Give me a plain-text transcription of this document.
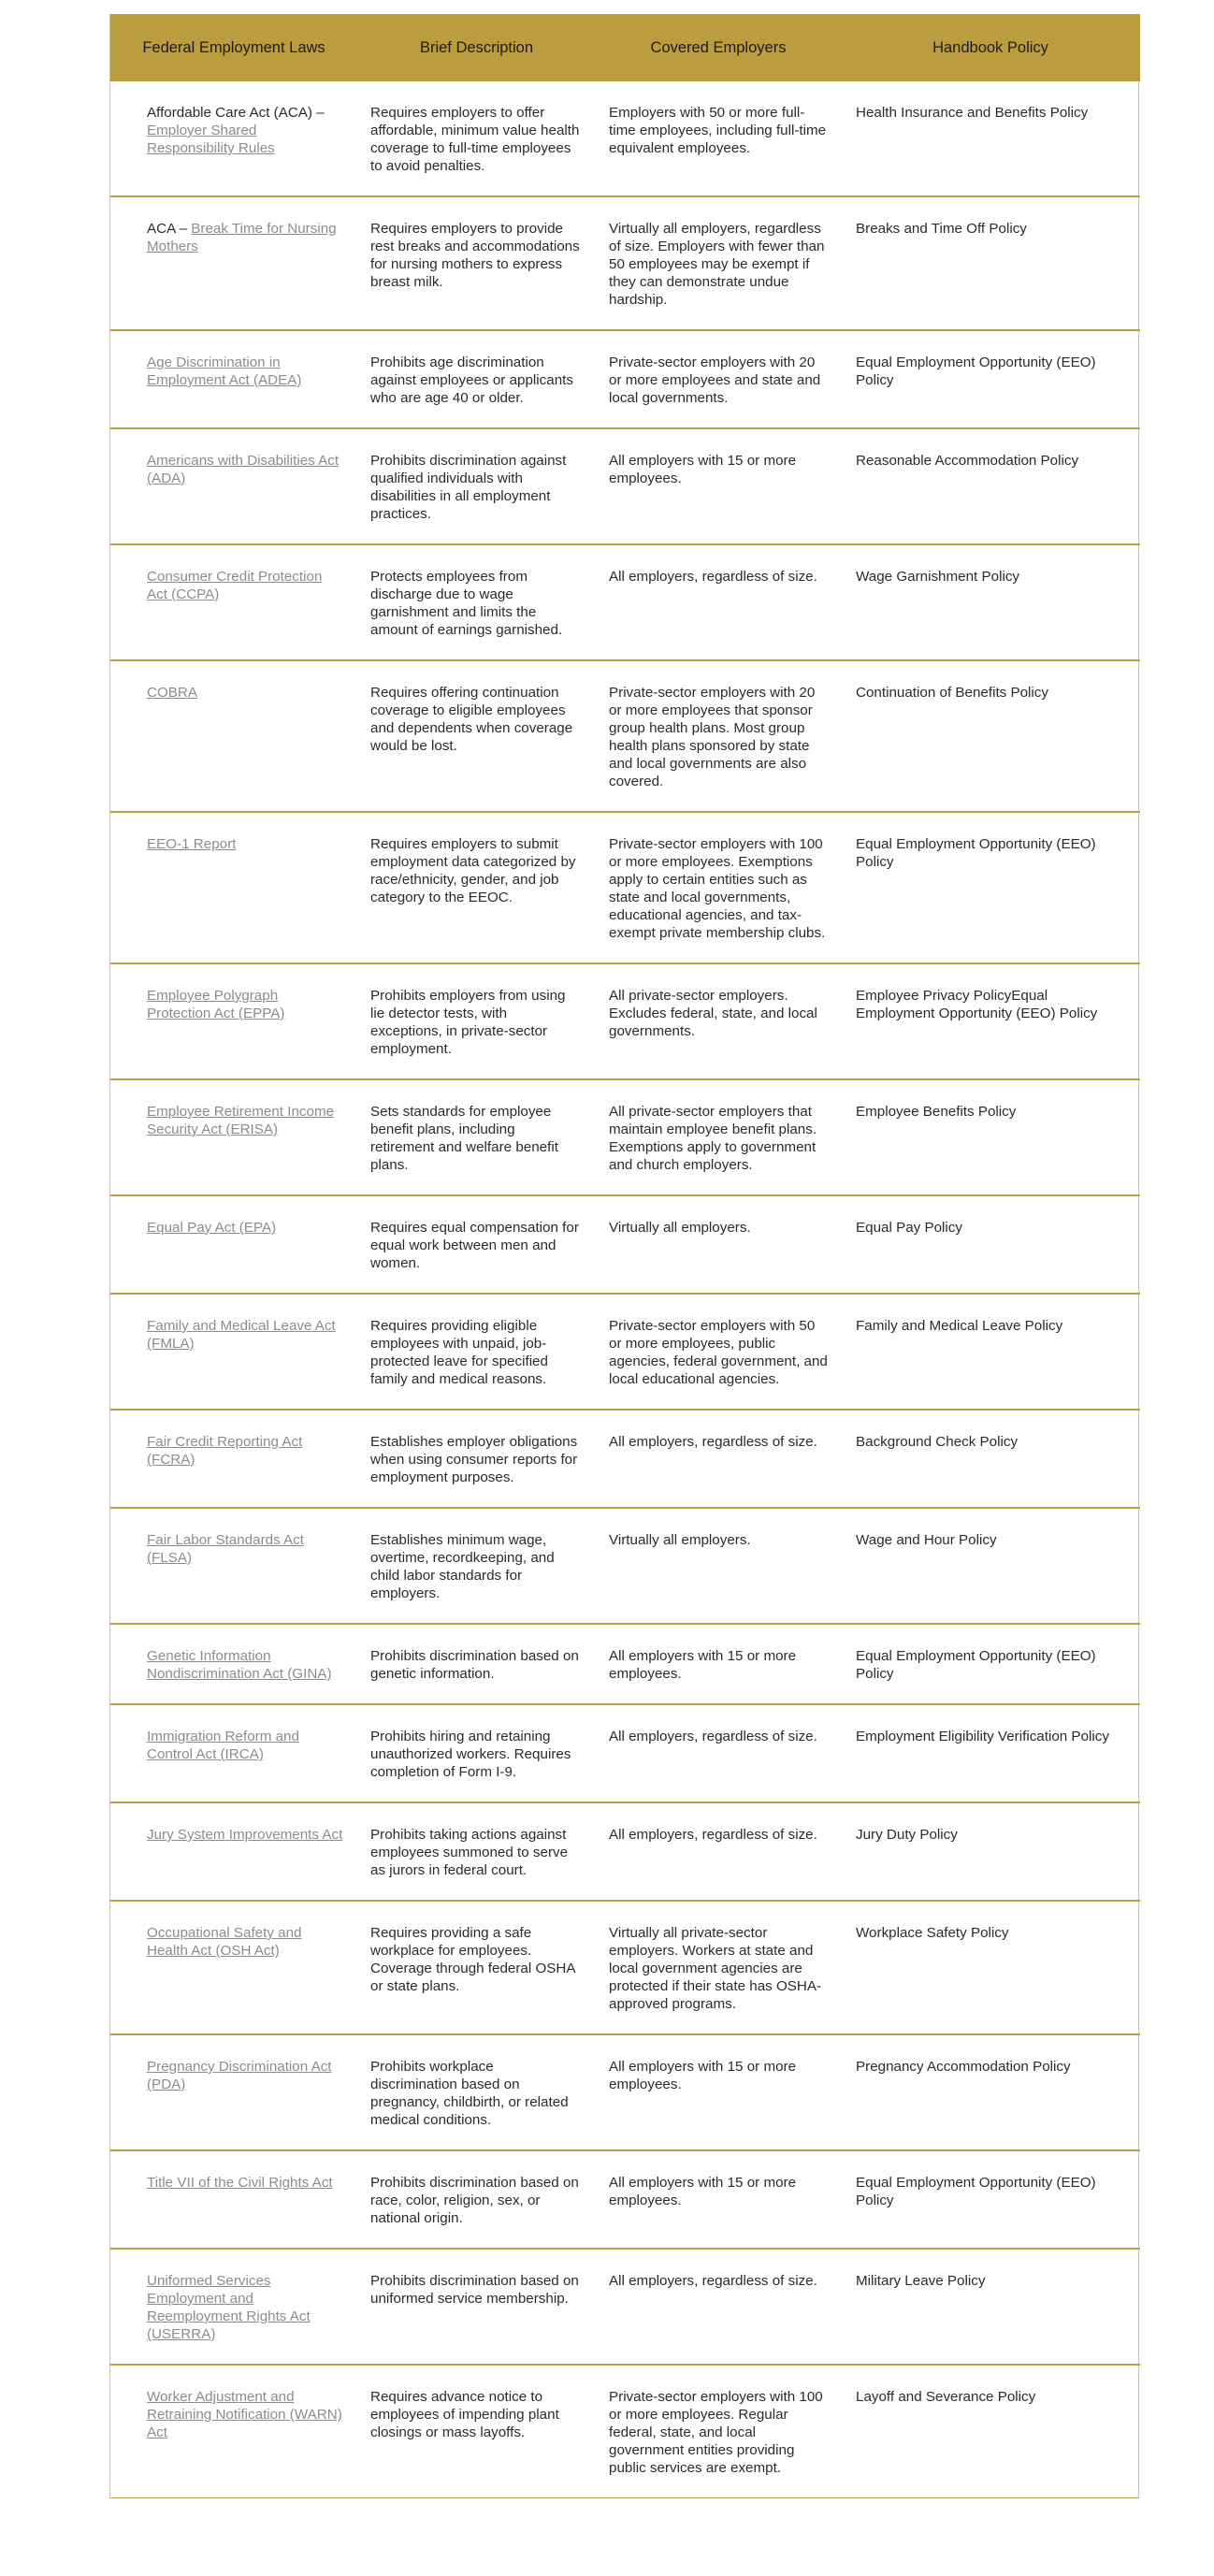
Federal Employment Laws	Brief Description	Covered Employers	Handbook Policy
Affordable Care Act (ACA) – Employer Shared Responsibility Rules	Requires employers to offer affordable, minimum value health coverage to full-time employees to avoid penalties.	Employers with 50 or more full-time employees, including full-time equivalent employees.	Health Insurance and Benefits Policy
ACA – Break Time for Nursing Mothers	Requires employers to provide rest breaks and accommodations for nursing mothers to express breast milk.	Virtually all employers, regardless of size. Employers with fewer than 50 employees may be exempt if they can demonstrate undue hardship.	Breaks and Time Off Policy
Age Discrimination in Employment Act (ADEA)	Prohibits age discrimination against employees or applicants who are age 40 or older.	Private-sector employers with 20 or more employees and state and local governments.	Equal Employment Opportunity (EEO) Policy
Americans with Disabilities Act (ADA)	Prohibits discrimination against qualified individuals with disabilities in all employment practices.	All employers with 15 or more employees.	Reasonable Accommodation Policy
Consumer Credit Protection Act (CCPA)	Protects employees from discharge due to wage garnishment and limits the amount of earnings garnished.	All employers, regardless of size.	Wage Garnishment Policy
COBRA	Requires offering continuation coverage to eligible employees and dependents when coverage would be lost.	Private-sector employers with 20 or more employees that sponsor group health plans. Most group health plans sponsored by state and local governments are also covered.	Continuation of Benefits Policy
EEO-1 Report	Requires employers to submit employment data categorized by race/ethnicity, gender, and job category to the EEOC.	Private-sector employers with 100 or more employees. Exemptions apply to certain entities such as state and local governments, educational agencies, and tax-exempt private membership clubs.	Equal Employment Opportunity (EEO) Policy
Employee Polygraph Protection Act (EPPA)	Prohibits employers from using lie detector tests, with exceptions, in private-sector employment.	All private-sector employers. Excludes federal, state, and local governments.	Employee Privacy PolicyEqual Employment Opportunity (EEO) Policy
Employee Retirement Income Security Act (ERISA)	Sets standards for employee benefit plans, including retirement and welfare benefit plans.	All private-sector employers that maintain employee benefit plans. Exemptions apply to government and church employers.	Employee Benefits Policy
Equal Pay Act (EPA)	Requires equal compensation for equal work between men and women.	Virtually all employers.	Equal Pay Policy
Family and Medical Leave Act (FMLA)	Requires providing eligible employees with unpaid, job-protected leave for specified family and medical reasons.	Private-sector employers with 50 or more employees, public agencies, federal government, and local educational agencies.	Family and Medical Leave Policy
Fair Credit Reporting Act (FCRA)	Establishes employer obligations when using consumer reports for employment purposes.	All employers, regardless of size.	Background Check Policy
Fair Labor Standards Act (FLSA)	Establishes minimum wage, overtime, recordkeeping, and child labor standards for employers.	Virtually all employers.	Wage and Hour Policy
Genetic Information Nondiscrimination Act (GINA)	Prohibits discrimination based on genetic information.	All employers with 15 or more employees.	Equal Employment Opportunity (EEO) Policy
Immigration Reform and Control Act (IRCA)	Prohibits hiring and retaining unauthorized workers. Requires completion of Form I-9.	All employers, regardless of size.	Employment Eligibility Verification Policy
Jury System Improvements Act	Prohibits taking actions against employees summoned to serve as jurors in federal court.	All employers, regardless of size.	Jury Duty Policy
Occupational Safety and Health Act (OSH Act)	Requires providing a safe workplace for employees. Coverage through federal OSHA or state plans.	Virtually all private-sector employers. Workers at state and local government agencies are protected if their state has OSHA-approved programs.	Workplace Safety Policy
Pregnancy Discrimination Act (PDA)	Prohibits workplace discrimination based on pregnancy, childbirth, or related medical conditions.	All employers with 15 or more employees.	Pregnancy Accommodation Policy
Title VII of the Civil Rights Act	Prohibits discrimination based on race, color, religion, sex, or national origin.	All employers with 15 or more employees.	Equal Employment Opportunity (EEO) Policy
Uniformed Services Employment and Reemployment Rights Act (USERRA)	Prohibits discrimination based on uniformed service membership.	All employers, regardless of size.	Military Leave Policy
Worker Adjustment and Retraining Notification (WARN) Act	Requires advance notice to employees of impending plant closings or mass layoffs.	Private-sector employers with 100 or more employees. Regular federal, state, and local government entities providing public services are exempt.	Layoff and Severance Policy
